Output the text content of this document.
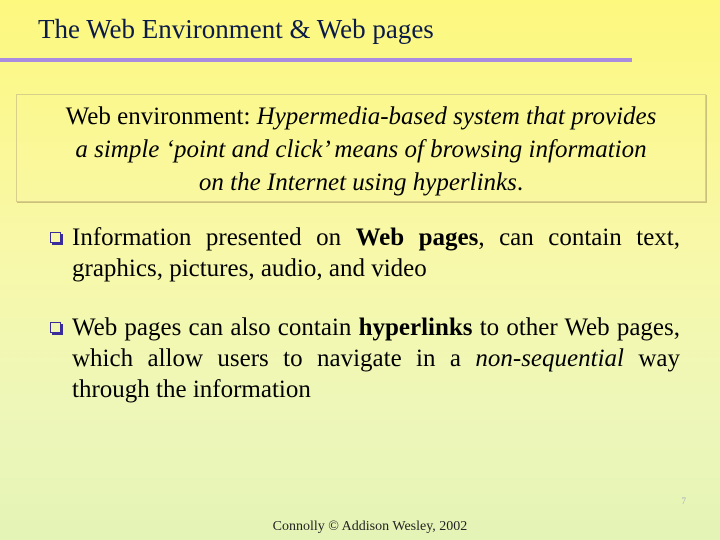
The Web Environment & Web pages
Web environment: Hypermedia-based system that provides
a simple ‘point and click’ means of browsing information
on the Internet using hyperlinks.
Information presented on Web pages, can contain text, graphics, pictures, audio, and video
Web pages can also contain hyperlinks to other Web pages, which allow users to navigate in a non-sequential way through the information
7
Connolly © Addison Wesley, 2002
